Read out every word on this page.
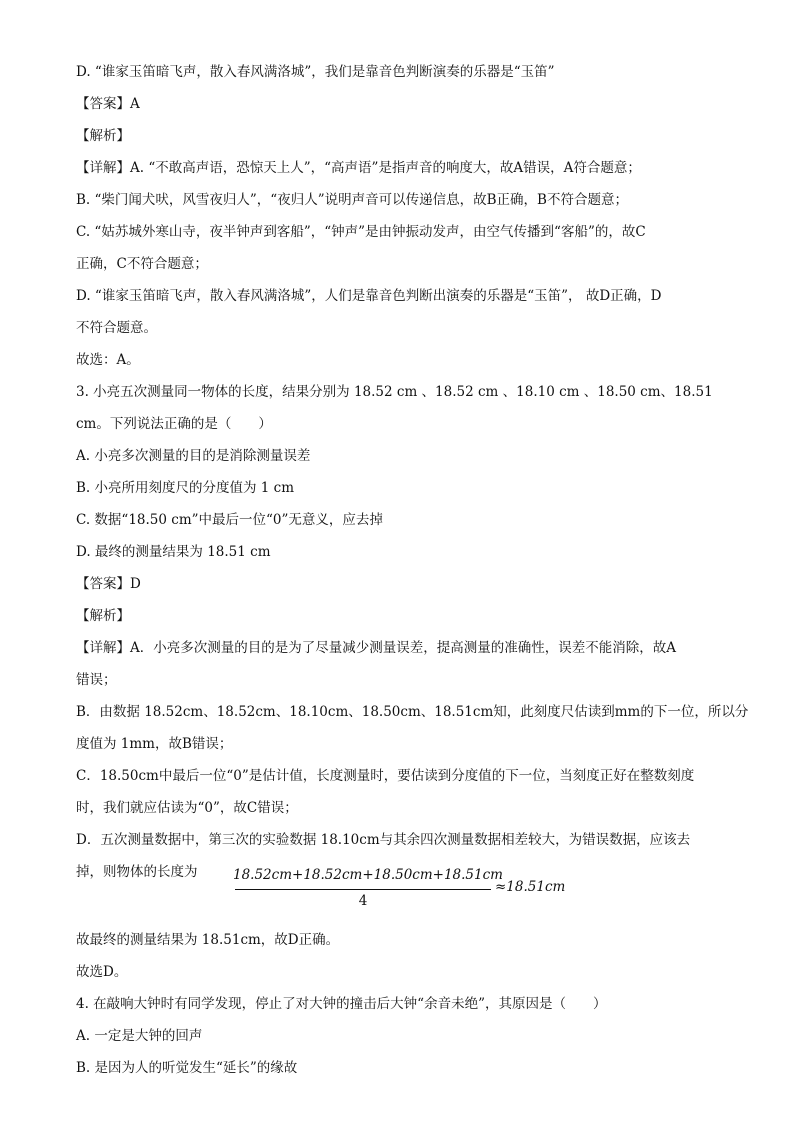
D. “谁家玉笛暗飞声，散入春风满洛城”，我们是靠音色判断演奏的乐器是“玉笛”
【答案】A
【解析】
【详解】A. “不敢高声语，恐惊天上人”，“高声语”是指声音的响度大，故A错误，A符合题意；
B. “柴门闻犬吠，风雪夜归人”，“夜归人”说明声音可以传递信息，故B正确，B不符合题意；
C. “姑苏城外寒山寺，夜半钟声到客船”，“钟声”是由钟振动发声，由空气传播到“客船”的，故C
正确，C不符合题意；
D. “谁家玉笛暗飞声，散入春风满洛城”，人们是靠音色判断出演奏的乐器是“玉笛”， 故D正确，D
不符合题意。
故选：A。
3. 小亮五次测量同一物体的长度，结果分别为 18.52 cm 、18.52 cm 、18.10 cm 、18.50 cm、18.51
cm。下列说法正确的是（　　）
A. 小亮多次测量的目的是消除测量误差
B. 小亮所用刻度尺的分度值为 1 cm
C. 数据“18.50 cm”中最后一位“0”无意义，应去掉
D. 最终的测量结果为 18.51 cm
【答案】D
【解析】
【详解】A．小亮多次测量的目的是为了尽量减少测量误差，提高测量的准确性，误差不能消除，故A
错误；
B．由数据 18.52cm、18.52cm、18.10cm、18.50cm、18.51cm知，此刻度尺估读到mm的下一位，所以分
度值为 1mm，故B错误；
C．18.50cm中最后一位“0”是估计值，长度测量时，要估读到分度值的下一位，当刻度正好在整数刻度
时，我们就应估读为“0”，故C错误；
D．五次测量数据中，第三次的实验数据 18.10cm与其余四次测量数据相差较大，为错误数据，应该去
掉，则物体的长度为
故最终的测量结果为 18.51cm，故D正确。
故选D。
4. 在敲响大钟时有同学发现，停止了对大钟的撞击后大钟“余音未绝”，其原因是（　　）
A. 一定是大钟的回声
B. 是因为人的听觉发生“延长”的缘故
18.52cm+18.52cm+18.50cm+18.51cm
4
≈18.51cm
